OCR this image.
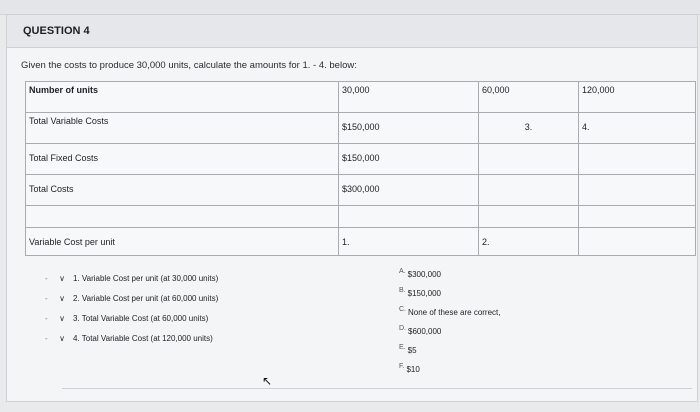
QUESTION 4
Given the costs to produce 30,000 units, calculate the amounts for 1. - 4. below:
Number of units	30,000	60,000	120,000

Total Variable Costs	$150,000	3.	4.

Total Fixed Costs	$150,000		

Total Costs	$300,000		

Variable Cost per unit	1.	2.	

-	∨	1. Variable Cost per unit (at 30,000 units)
-	∨	2. Variable Cost per unit (at 60,000 units)
-	∨	3. Total Variable Cost (at 60,000 units)
-	∨	4. Total Variable Cost (at 120,000 units)
A. $300,000
B. $150,000
C. None of these are correct,
D. $600,000
E. $5
F. $10
↖
